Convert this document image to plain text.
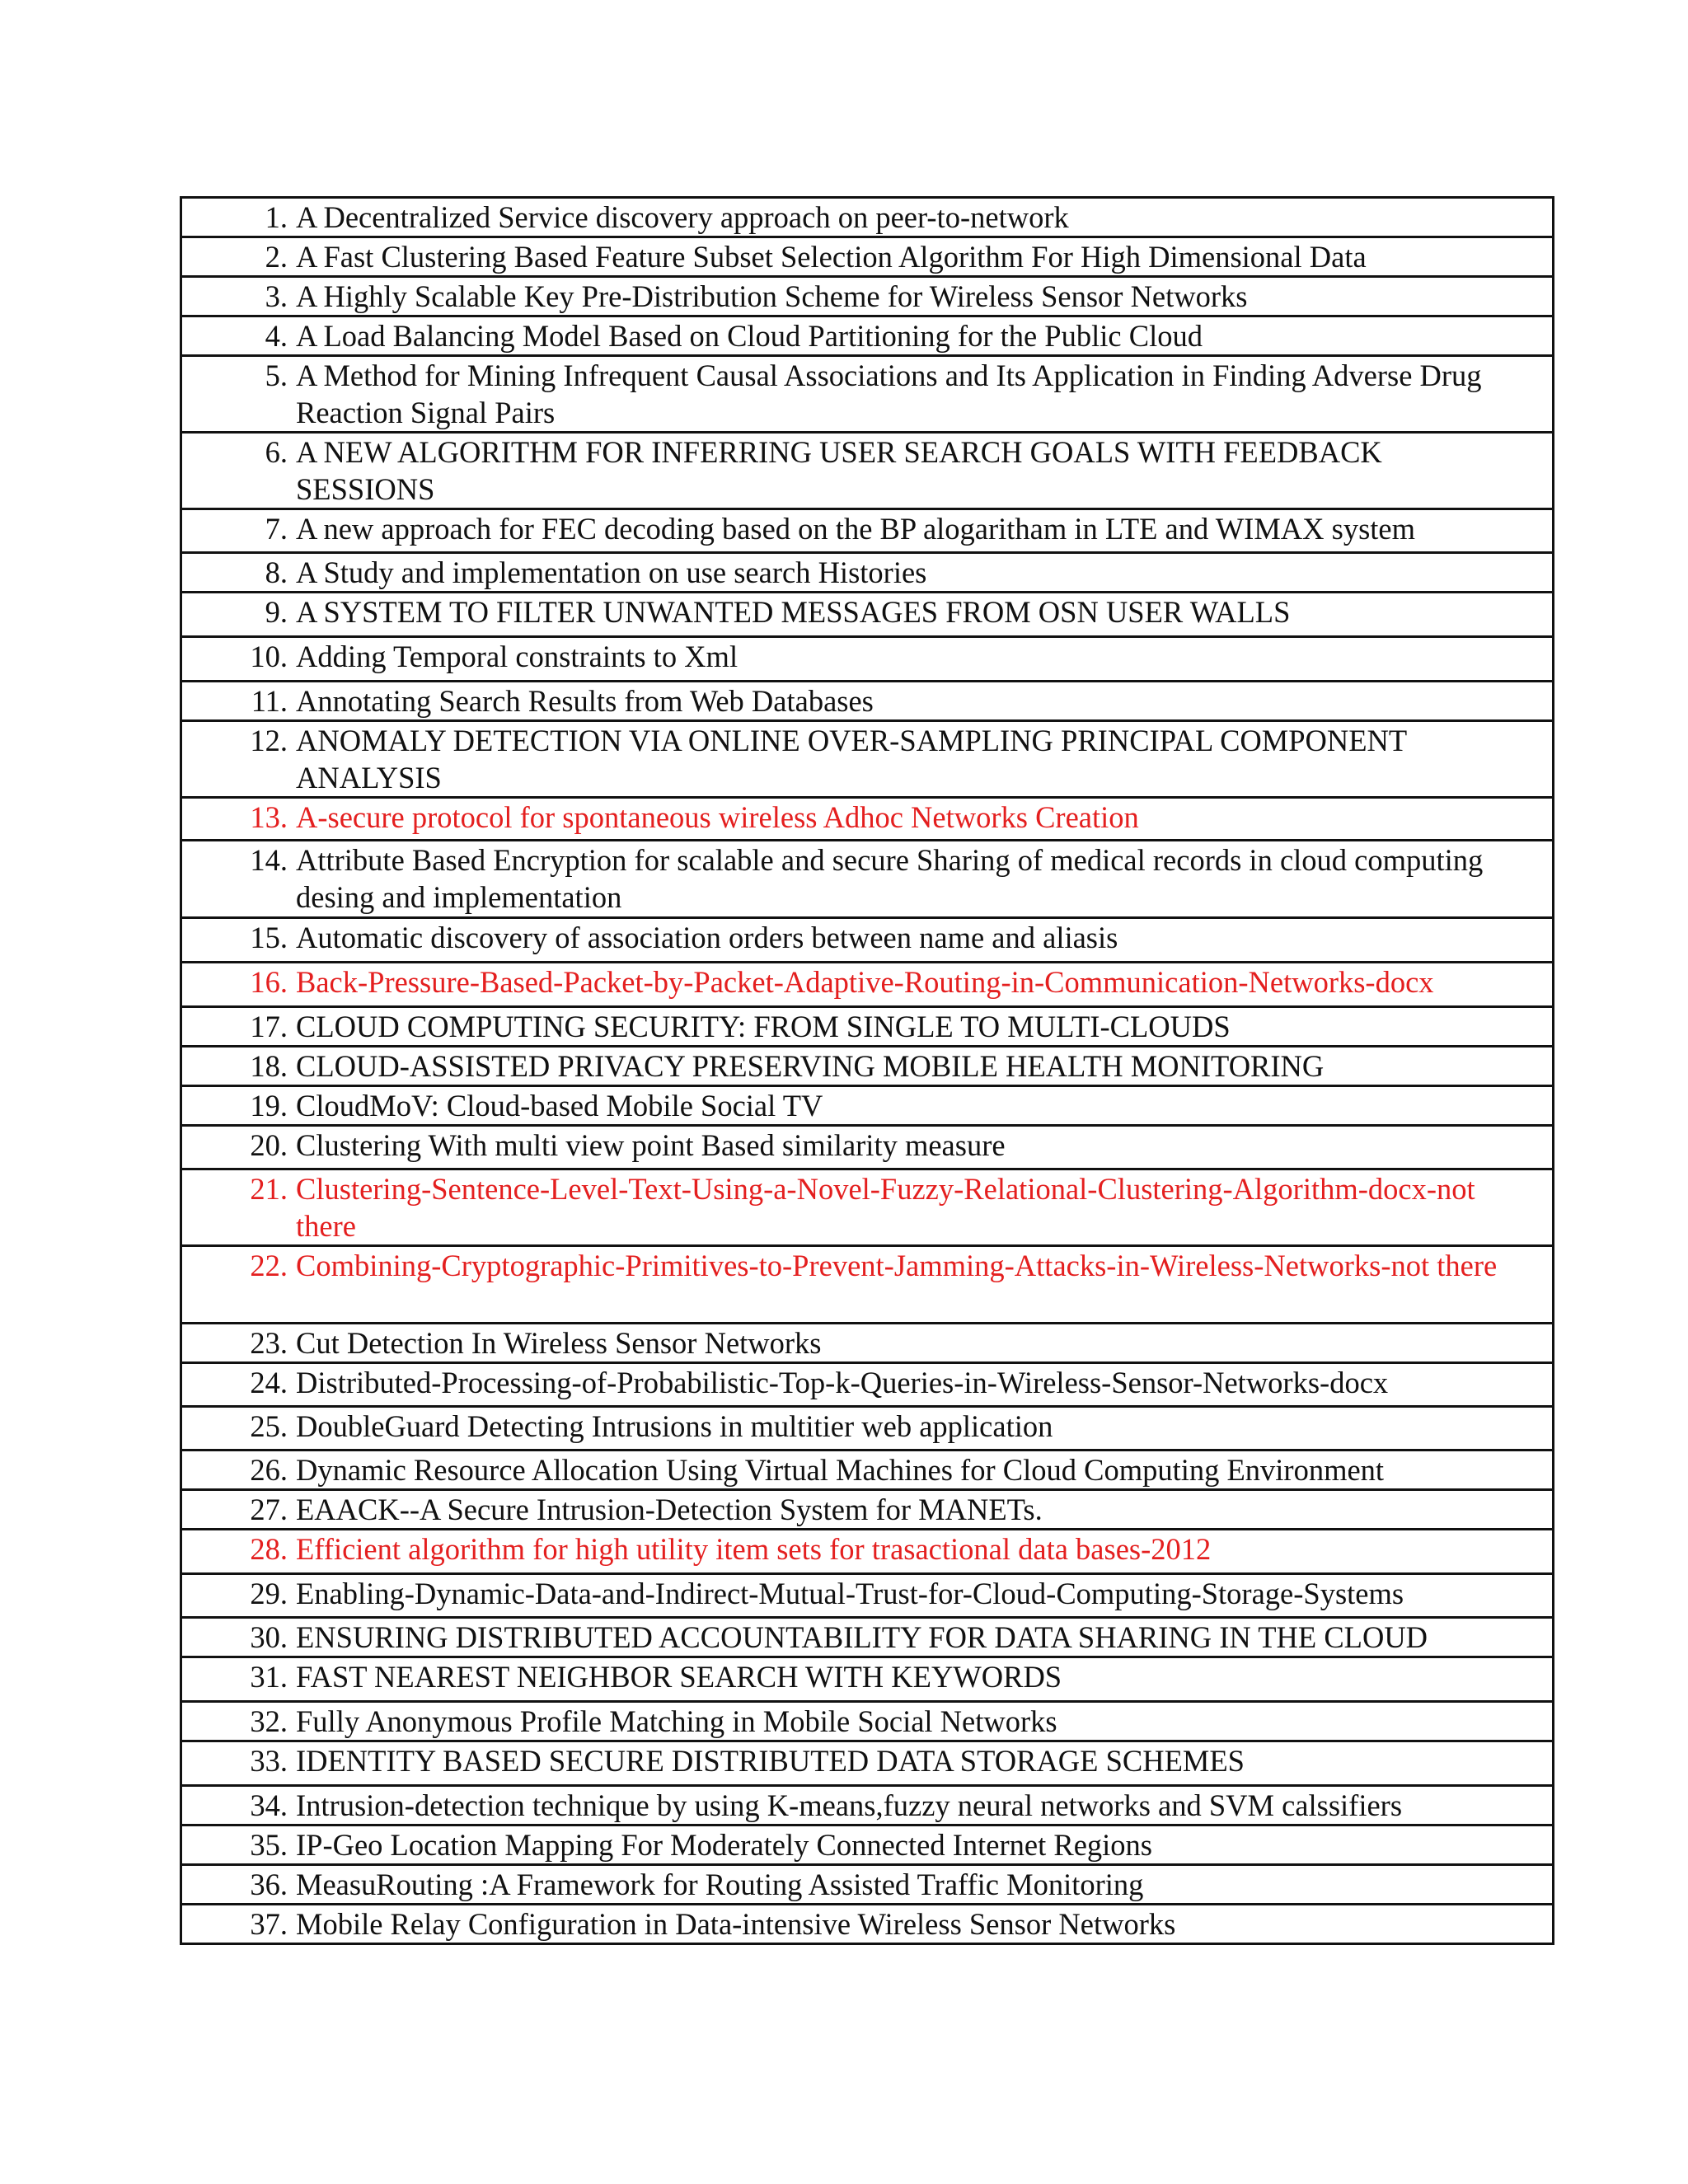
1. A Decentralized Service discovery approach on peer-to-network

2. A Fast Clustering Based Feature Subset Selection Algorithm For High Dimensional Data

3. A Highly Scalable Key Pre-Distribution Scheme for Wireless Sensor Networks

4. A Load Balancing Model Based on Cloud Partitioning for the Public Cloud

5. A Method for Mining Infrequent Causal Associations and Its Application in Finding Adverse Drug Reaction Signal Pairs

6. A NEW ALGORITHM FOR INFERRING USER SEARCH GOALS WITH FEEDBACK SESSIONS

7. A new approach for FEC decoding based on the BP alogaritham in LTE and WIMAX system

8. A Study and implementation on use search Histories

9. A SYSTEM TO FILTER UNWANTED MESSAGES FROM OSN USER WALLS

10. Adding Temporal constraints to Xml

11. Annotating Search Results from Web Databases

12. ANOMALY DETECTION VIA ONLINE OVER-SAMPLING PRINCIPAL COMPONENT ANALYSIS

13. A-secure protocol for spontaneous wireless Adhoc Networks Creation

14. Attribute Based Encryption for scalable and secure Sharing of medical records in cloud computing desing and implementation

15. Automatic discovery of association orders between name and aliasis

16. Back-Pressure-Based-Packet-by-Packet-Adaptive-Routing-in-Communication-Networks-docx

17. CLOUD COMPUTING SECURITY: FROM SINGLE TO MULTI-CLOUDS

18. CLOUD-ASSISTED PRIVACY PRESERVING MOBILE HEALTH MONITORING

19. CloudMoV: Cloud-based Mobile Social TV

20. Clustering With multi view point Based similarity measure

21. Clustering-Sentence-Level-Text-Using-a-Novel-Fuzzy-Relational-Clustering-Algorithm-docx-not there

22. Combining-Cryptographic-Primitives-to-Prevent-Jamming-Attacks-in-Wireless-Networks-not there

23. Cut Detection In Wireless Sensor Networks

24. Distributed-Processing-of-Probabilistic-Top-k-Queries-in-Wireless-Sensor-Networks-docx

25. DoubleGuard Detecting Intrusions in multitier web application

26. Dynamic Resource Allocation Using Virtual Machines for Cloud Computing Environment

27. EAACK--A Secure Intrusion-Detection System for MANETs.

28. Efficient algorithm for high utility item sets for trasactional data bases-2012

29. Enabling-Dynamic-Data-and-Indirect-Mutual-Trust-for-Cloud-Computing-Storage-Systems

30. ENSURING DISTRIBUTED ACCOUNTABILITY FOR DATA SHARING IN THE CLOUD

31. FAST NEAREST NEIGHBOR SEARCH WITH KEYWORDS

32. Fully Anonymous Profile Matching in Mobile Social Networks

33. IDENTITY BASED SECURE DISTRIBUTED DATA STORAGE SCHEMES

34. Intrusion-detection technique by using K-means,fuzzy neural networks and SVM calssifiers

35. IP-Geo Location Mapping For Moderately Connected Internet Regions

36. MeasuRouting :A Framework for Routing Assisted Traffic Monitoring

37. Mobile Relay Configuration in Data-intensive Wireless Sensor Networks
